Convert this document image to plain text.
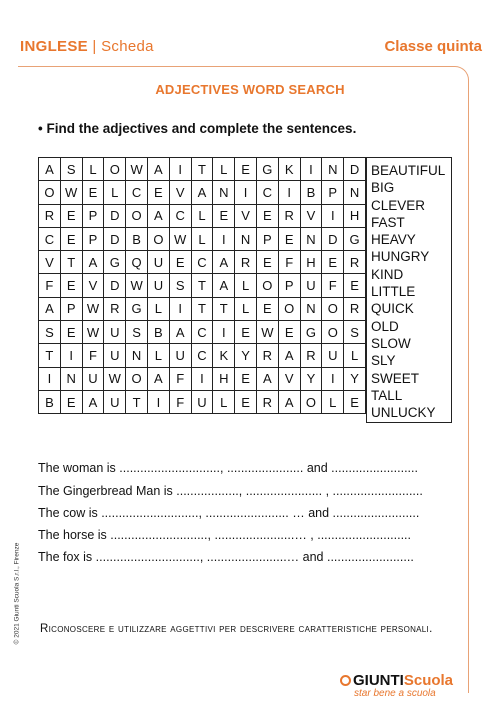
INGLESE | Scheda	Classe quinta
ADJECTIVES WORD SEARCH
• Find the adjectives and complete the sentences.
A	S	L	O	W	A	I	T	L	E	G	K	I	N	D
O	W	E	L	C	E	V	A	N	I	C	I	B	P	N
R	E	P	D	O	A	C	L	E	V	E	R	V	I	H
C	E	P	D	B	O	W	L	I	N	P	E	N	D	G
V	T	A	G	Q	U	E	C	A	R	E	F	H	E	R
F	E	V	D	W	U	S	T	A	L	O	P	U	F	E
A	P	W	R	G	L	I	T	T	L	E	O	N	O	R
S	E	W	U	S	B	A	C	I	E	W	E	G	O	S
T	I	F	U	N	L	U	C	K	Y	R	A	R	U	L
I	N	U	W	O	A	F	I	H	E	A	V	Y	I	Y
B	E	A	U	T	I	F	U	L	E	R	A	O	L	E
BEAUTIFUL
BIG
CLEVER
FAST
HEAVY
HUNGRY
KIND
LITTLE
QUICK
OLD
SLOW
SLY
SWEET
TALL
UNLUCKY
The woman is ............................., ...................... and .........................
The Gingerbread Man is .................., ...................... , ..........................
The cow is ............................, ........................ … and .........................
The horse is ............................, .......................… , ...........................
The fox is .............................., .......................… and .........................
Riconoscere e utilizzare aggettivi per descrivere caratteristiche personali.
© 2021 Giunti Scuola S.r.l., Firenze
GIUNTIScuola
star bene a scuola
